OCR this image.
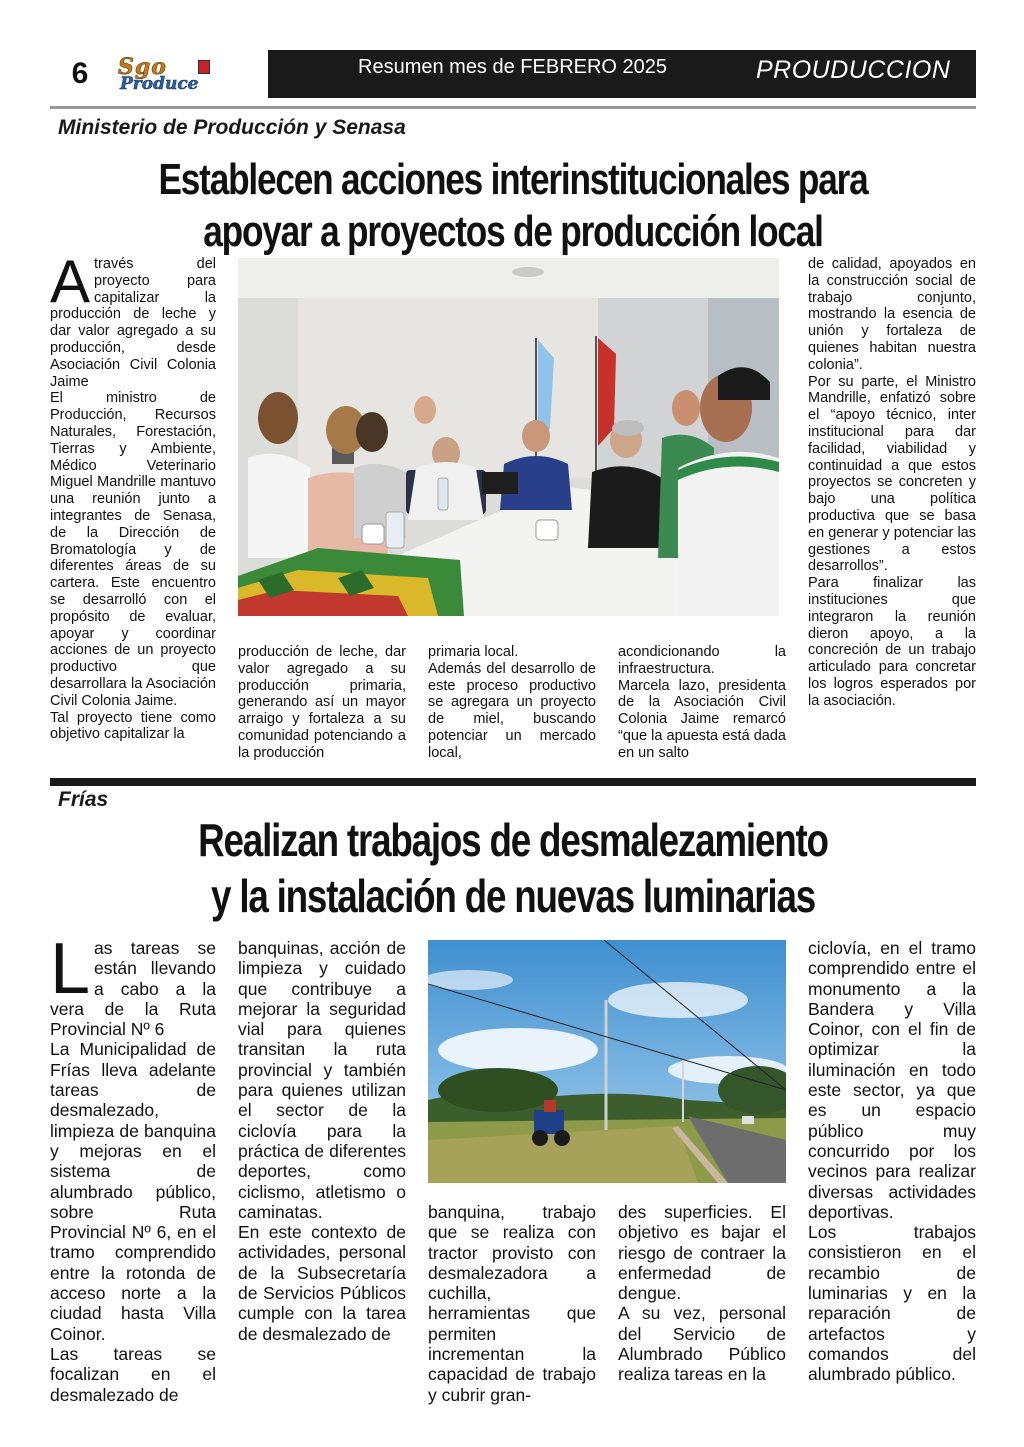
6	Sgo
Produce
Resumen mes de FEBRERO 2025	PROUDUCCION
Ministerio de Producción y Senasa
Establecen acciones interinstitucionales para
apoyar a proyectos de producción local
A través del proyecto para capitalizar la producción de leche y dar valor agregado a su producción, desde Asociación Civil Colonia Jaime

El ministro de Producción, Recursos Naturales, Forestación, Tierras y Ambiente, Médico Veterinario Miguel Mandrille mantuvo una reunión junto a integrantes de Senasa, de la Dirección de Bromatología y de diferentes áreas de su cartera. Este encuentro se desarrolló con el propósito de evaluar, apoyar y coordinar acciones de un proyecto productivo que desarrollara la Asociación Civil Colonia Jaime.

Tal proyecto tiene como objetivo capitalizar la

producción de leche, dar valor agregado a su producción primaria, generando así un mayor arraigo y fortaleza a su comunidad potenciando a la producción

primaria local.

Además del desarrollo de este proceso productivo se agregara un proyecto de miel, buscando potenciar un mercado local,

acondicionando la infraestructura.

Marcela lazo, presidenta de la Asociación Civil Colonia Jaime remarcó “que la apuesta está dada en un salto

de calidad, apoyados en la construcción social de trabajo conjunto, mostrando la esencia de unión y fortaleza de quienes habitan nuestra colonia”.

Por su parte, el Ministro Mandrille, enfatizó sobre el “apoyo técnico, inter institucional para dar facilidad, viabilidad y continuidad a que estos proyectos se concreten y bajo una política productiva que se basa en generar y potenciar las gestiones a estos desarrollos”.

Para finalizar las instituciones que integraron la reunión dieron apoyo, a la concreción de un trabajo articulado para concretar los logros esperados por la asociación.

Frías
Realizan trabajos de desmalezamiento
y la instalación de nuevas luminarias
L as tareas se están llevando a cabo a la vera de la Ruta Provincial Nº 6

La Municipalidad de Frías lleva adelante tareas de desmalezado, limpieza de banquina y mejoras en el sistema de alumbrado público, sobre Ruta Provincial Nº 6, en el tramo comprendido entre la rotonda de acceso norte a la ciudad hasta Villa Coinor.

Las tareas se focalizan en el desmalezado de

banquinas, acción de limpieza y cuidado que contribuye a mejorar la seguridad vial para quienes transitan la ruta provincial y también para quienes utilizan el sector de la ciclovía para la práctica de diferentes deportes, como ciclismo, atletismo o caminatas.

En este contexto de actividades, personal de la Subsecretaría de Servicios Públicos cumple con la tarea de desmalezado de

banquina, trabajo que se realiza con tractor provisto con desmalezadora a cuchilla, herramientas que permiten incrementan la capacidad de trabajo y cubrir gran-

des superficies. El objetivo es bajar el riesgo de contraer la enfermedad de dengue.

A su vez, personal del Servicio de Alumbrado Público realiza tareas en la

ciclovía, en el tramo comprendido entre el monumento a la Bandera y Villa Coinor, con el fin de optimizar la iluminación en todo este sector, ya que es un espacio público muy concurrido por los vecinos para realizar diversas actividades deportivas.

Los trabajos consistieron en el recambio de luminarias y en la reparación de artefactos y comandos del alumbrado público.
